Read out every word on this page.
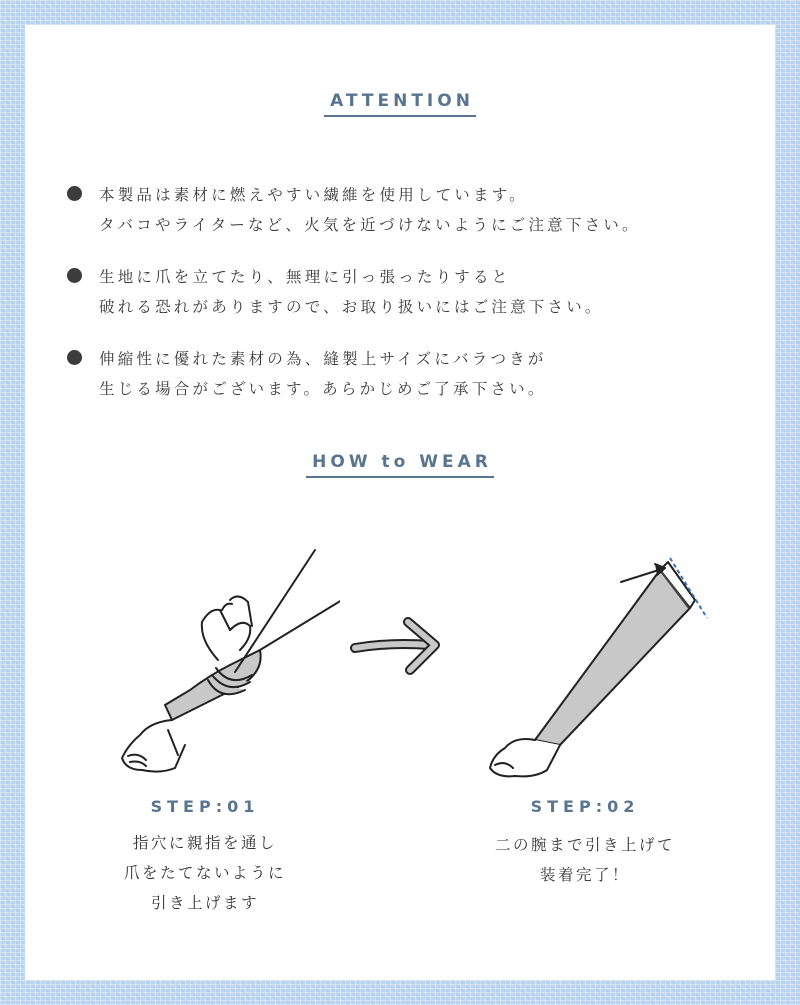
ATTENTION
本製品は素材に燃えやすい繊維を使用しています。
タバコやライターなど、火気を近づけないようにご注意下さい。
生地に爪を立てたり、無理に引っ張ったりすると
破れる恐れがありますので、お取り扱いにはご注意下さい。
伸縮性に優れた素材の為、縫製上サイズにバラつきが
生じる場合がございます。あらかじめご了承下さい。
HOW to WEAR
STEP:01
指穴に親指を通し
爪をたてないように
引き上げます
STEP:02
二の腕まで引き上げて
装着完了！
